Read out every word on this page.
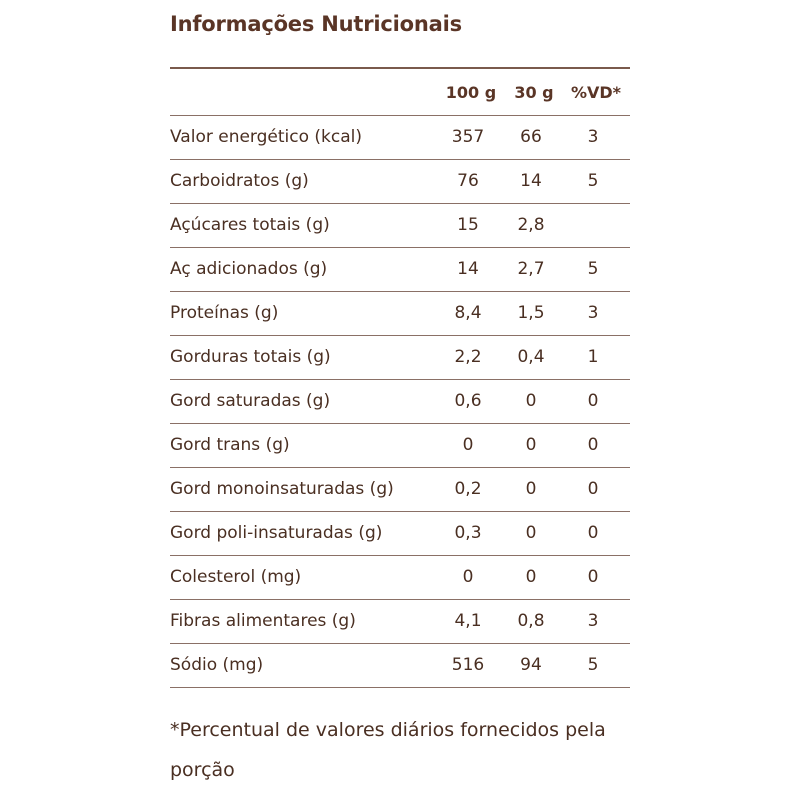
Informações Nutricionais
100 g	30 g	%VD*
Valor energético (kcal)	357	66	3
Carboidratos (g)	76	14	5
Açúcares totais (g)	15	2,8
Aç adicionados (g)	14	2,7	5
Proteínas (g)	8,4	1,5	3
Gorduras totais (g)	2,2	0,4	1
Gord saturadas (g)	0,6	0	0
Gord trans (g)	0	0	0
Gord monoinsaturadas (g)	0,2	0	0
Gord poli-insaturadas (g)	0,3	0	0
Colesterol (mg)	0	0	0
Fibras alimentares (g)	4,1	0,8	3
Sódio (mg)	516	94	5
*Percentual de valores diários fornecidos pela porção
